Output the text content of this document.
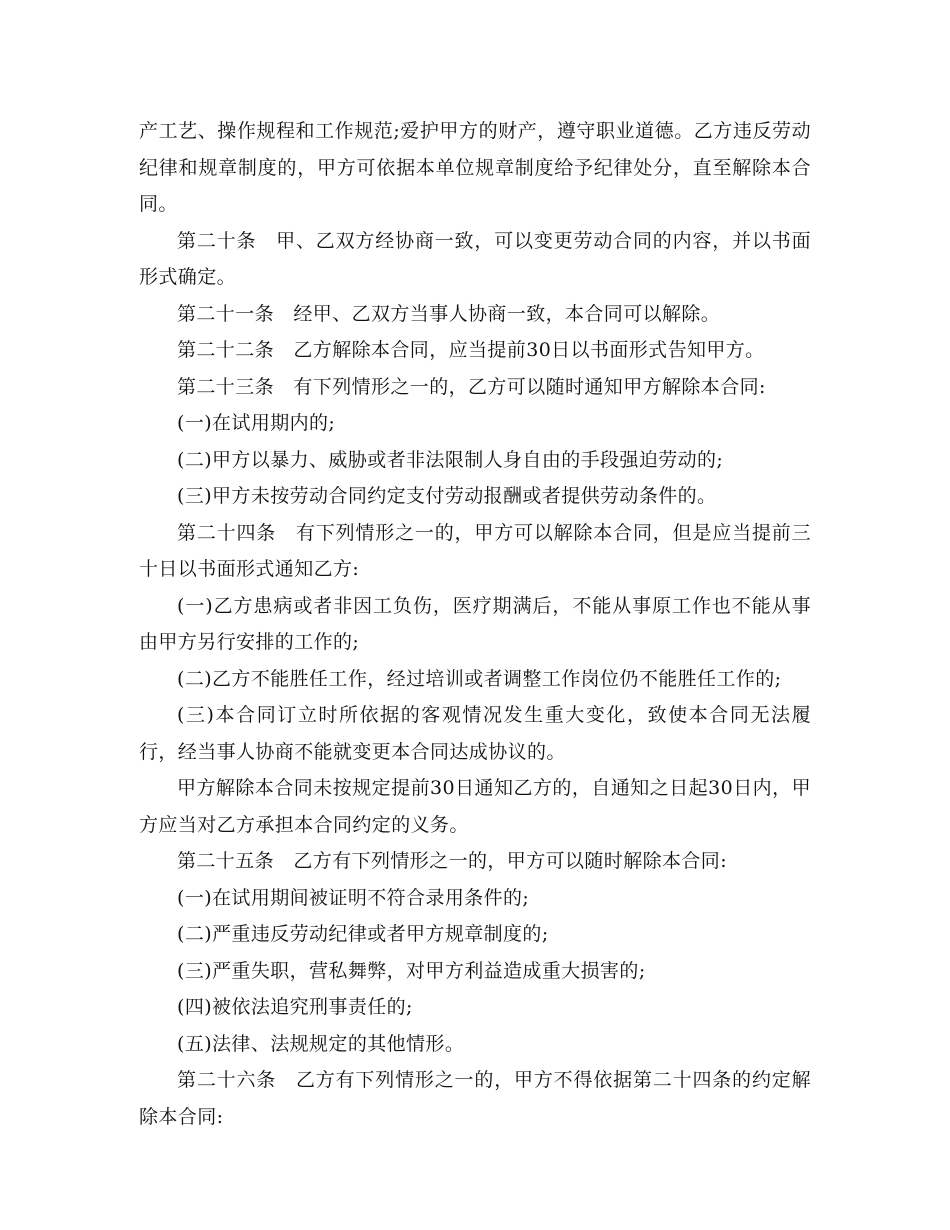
产工艺、操作规程和工作规范;爱护甲方的财产，遵守职业道德。乙方违反劳动纪律和规章制度的，甲方可依据本单位规章制度给予纪律处分，直至解除本合同。

第二十条　甲、乙双方经协商一致，可以变更劳动合同的内容，并以书面形式确定。

第二十一条　经甲、乙双方当事人协商一致，本合同可以解除。

第二十二条　乙方解除本合同，应当提前30日以书面形式告知甲方。

第二十三条　有下列情形之一的，乙方可以随时通知甲方解除本合同:

(一)在试用期内的;

(二)甲方以暴力、威胁或者非法限制人身自由的手段强迫劳动的;

(三)甲方未按劳动合同约定支付劳动报酬或者提供劳动条件的。

第二十四条　有下列情形之一的，甲方可以解除本合同，但是应当提前三十日以书面形式通知乙方:

(一)乙方患病或者非因工负伤，医疗期满后，不能从事原工作也不能从事由甲方另行安排的工作的;

(二)乙方不能胜任工作，经过培训或者调整工作岗位仍不能胜任工作的;

(三)本合同订立时所依据的客观情况发生重大变化，致使本合同无法履行，经当事人协商不能就变更本合同达成协议的。

甲方解除本合同未按规定提前30日通知乙方的，自通知之日起30日内，甲方应当对乙方承担本合同约定的义务。

第二十五条　乙方有下列情形之一的，甲方可以随时解除本合同:

(一)在试用期间被证明不符合录用条件的;

(二)严重违反劳动纪律或者甲方规章制度的;

(三)严重失职，营私舞弊，对甲方利益造成重大损害的;

(四)被依法追究刑事责任的;

(五)法律、法规规定的其他情形。

第二十六条　乙方有下列情形之一的，甲方不得依据第二十四条的约定解除本合同:
